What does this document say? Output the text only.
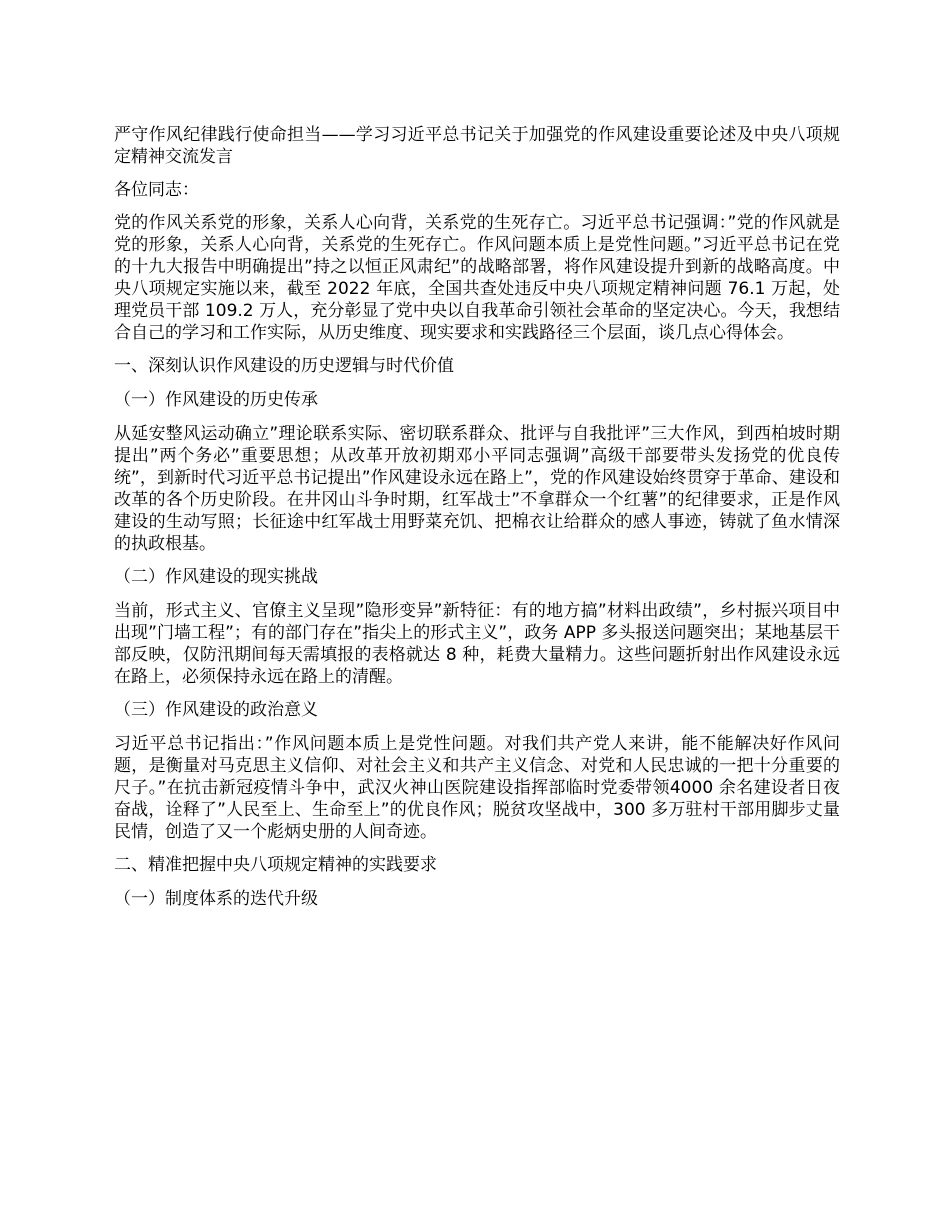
严守作风纪律践行使命担当——学习习近平总书记关于加强党的作风建设重要论述及中央八项规定精神交流发言

各位同志：

党的作风关系党的形象，关系人心向背，关系党的生死存亡。习近平总书记强调：”党的作风就是党的形象，关系人心向背，关系党的生死存亡。作风问题本质上是党性问题。”习近平总书记在党的十九大报告中明确提出”持之以恒正风肃纪”的战略部署，将作风建设提升到新的战略高度。中央八项规定实施以来，截至 2022 年底，全国共查处违反中央八项规定精神问题 76.1 万起，处理党员干部 109.2 万人，充分彰显了党中央以自我革命引领社会革命的坚定决心。今天，我想结合自己的学习和工作实际，从历史维度、现实要求和实践路径三个层面，谈几点心得体会。

一、深刻认识作风建设的历史逻辑与时代价值

（一）作风建设的历史传承

从延安整风运动确立”理论联系实际、密切联系群众、批评与自我批评”三大作风，到西柏坡时期提出”两个务必”重要思想；从改革开放初期邓小平同志强调”高级干部要带头发扬党的优良传统”，到新时代习近平总书记提出”作风建设永远在路上”，党的作风建设始终贯穿于革命、建设和改革的各个历史阶段。在井冈山斗争时期，红军战士”不拿群众一个红薯”的纪律要求，正是作风建设的生动写照；长征途中红军战士用野菜充饥、把棉衣让给群众的感人事迹，铸就了鱼水情深的执政根基。

（二）作风建设的现实挑战

当前，形式主义、官僚主义呈现”隐形变异”新特征：有的地方搞”材料出政绩”，乡村振兴项目中出现”门墙工程”；有的部门存在”指尖上的形式主义”，政务 APP 多头报送问题突出；某地基层干部反映，仅防汛期间每天需填报的表格就达 8 种，耗费大量精力。这些问题折射出作风建设永远在路上，必须保持永远在路上的清醒。

（三）作风建设的政治意义

习近平总书记指出：”作风问题本质上是党性问题。对我们共产党人来讲，能不能解决好作风问题，是衡量对马克思主义信仰、对社会主义和共产主义信念、对党和人民忠诚的一把十分重要的尺子。”在抗击新冠疫情斗争中，武汉火神山医院建设指挥部临时党委带领4000 余名建设者日夜奋战，诠释了”人民至上、生命至上”的优良作风；脱贫攻坚战中，300 多万驻村干部用脚步丈量民情，创造了又一个彪炳史册的人间奇迹。

二、精准把握中央八项规定精神的实践要求

（一）制度体系的迭代升级
